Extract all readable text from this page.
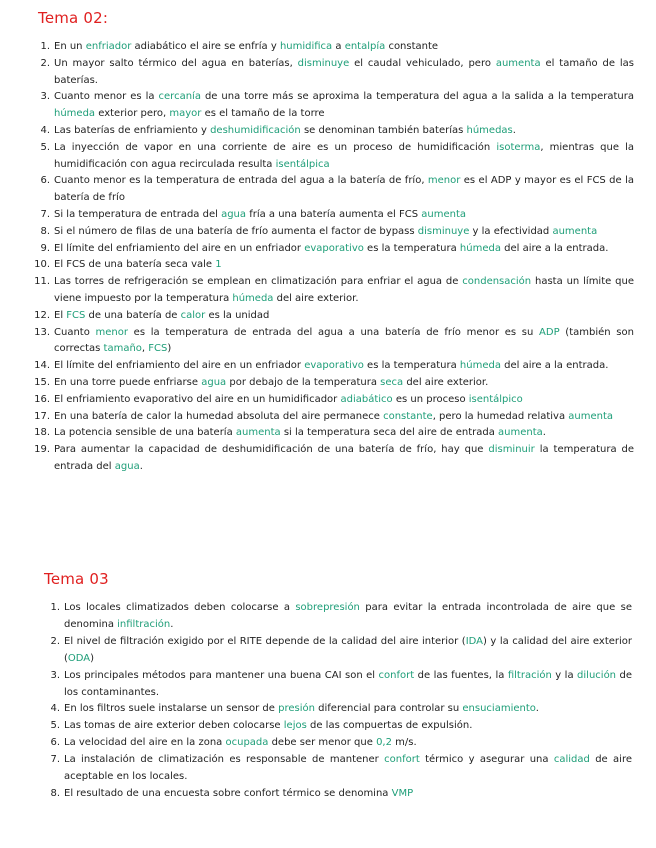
Tema 02:
1. En un enfriador adiabático el aire se enfría y humidifica a entalpía constante
2. Un mayor salto térmico del agua en baterías, disminuye el caudal vehiculado, pero aumenta el tamaño de las baterías.
3. Cuanto menor es la cercanía de una torre más se aproxima la temperatura del agua a la salida a la temperatura húmeda exterior pero, mayor es el tamaño de la torre
4. Las baterías de enfriamiento y deshumidificación se denominan también baterías húmedas.
5. La inyección de vapor en una corriente de aire es un proceso de humidificación isoterma, mientras que la humidificación con agua recirculada resulta isentálpica
6. Cuanto menor es la temperatura de entrada del agua a la batería de frío, menor es el ADP y mayor es el FCS de la batería de frío
7. Si la temperatura de entrada del agua fría a una batería aumenta el FCS aumenta
8. Si el número de filas de una batería de frío aumenta el factor de bypass disminuye y la efectividad aumenta
9. El límite del enfriamiento del aire en un enfriador evaporativo es la temperatura húmeda del aire a la entrada.
10. El FCS de una batería seca vale 1
11. Las torres de refrigeración se emplean en climatización para enfriar el agua de condensación hasta un límite que viene impuesto por la temperatura húmeda del aire exterior.
12. El FCS de una batería de calor es la unidad
13. Cuanto menor es la temperatura de entrada del agua a una batería de frío menor es su ADP (también son correctas tamaño, FCS)
14. El límite del enfriamiento del aire en un enfriador evaporativo es la temperatura húmeda del aire a la entrada.
15. En una torre puede enfriarse agua por debajo de la temperatura seca del aire exterior.
16. El enfriamiento evaporativo del aire en un humidificador adiabático es un proceso isentálpico
17. En una batería de calor la humedad absoluta del aire permanece constante, pero la humedad relativa aumenta
18. La potencia sensible de una batería aumenta si la temperatura seca del aire de entrada aumenta.
19. Para aumentar la capacidad de deshumidificación de una batería de frío, hay que disminuir la temperatura de entrada del agua.
Tema 03
1. Los locales climatizados deben colocarse a sobrepresión para evitar la entrada incontrolada de aire que se denomina infiltración.
2. El nivel de filtración exigido por el RITE depende de la calidad del aire interior (IDA) y la calidad del aire exterior (ODA)
3. Los principales métodos para mantener una buena CAI son el confort de las fuentes, la filtración y la dilución de los contaminantes.
4. En los filtros suele instalarse un sensor de presión diferencial para controlar su ensuciamiento.
5. Las tomas de aire exterior deben colocarse lejos de las compuertas de expulsión.
6. La velocidad del aire en la zona ocupada debe ser menor que 0,2 m/s.
7. La instalación de climatización es responsable de mantener confort térmico y asegurar una calidad de aire aceptable en los locales.
8. El resultado de una encuesta sobre confort térmico se denomina VMP
